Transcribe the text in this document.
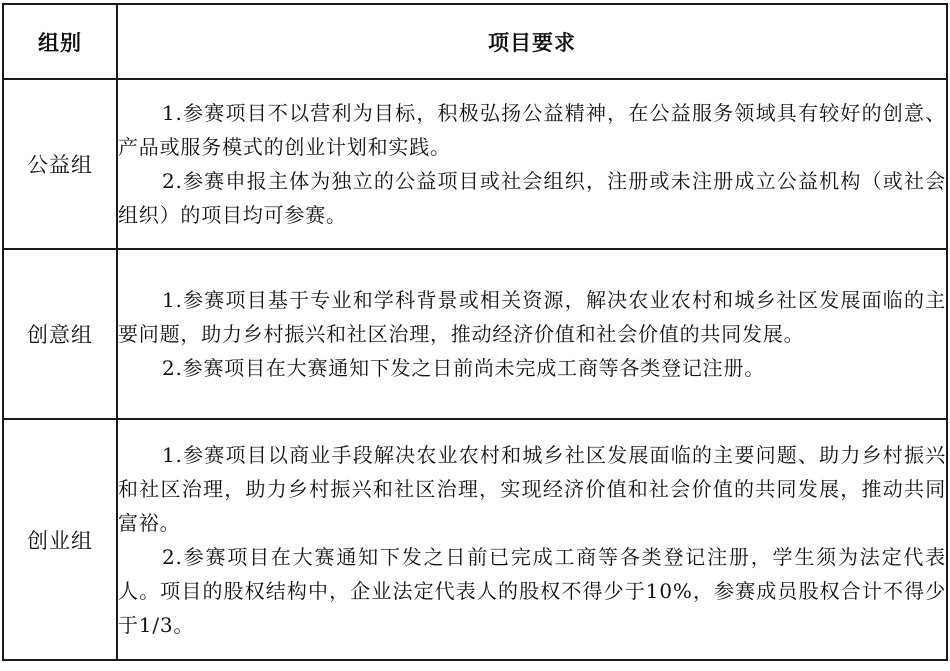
组别	项目要求
公益组	1.参赛项目不以营利为目标，积极弘扬公益精神，在公益服务领域具有较好的创意、产品或服务模式的创业计划和实践。

2.参赛申报主体为独立的公益项目或社会组织，注册或未注册成立公益机构（或社会组织）的项目均可参赛。

创意组	1.参赛项目基于专业和学科背景或相关资源，解决农业农村和城乡社区发展面临的主要问题，助力乡村振兴和社区治理，推动经济价值和社会价值的共同发展。

2.参赛项目在大赛通知下发之日前尚未完成工商等各类登记注册。

创业组	1.参赛项目以商业手段解决农业农村和城乡社区发展面临的主要问题、助力乡村振兴和社区治理，助力乡村振兴和社区治理，实现经济价值和社会价值的共同发展，推动共同富裕。

2.参赛项目在大赛通知下发之日前已完成工商等各类登记注册，学生须为法定代表人。项目的股权结构中，企业法定代表人的股权不得少于10%，参赛成员股权合计不得少于1/3。
